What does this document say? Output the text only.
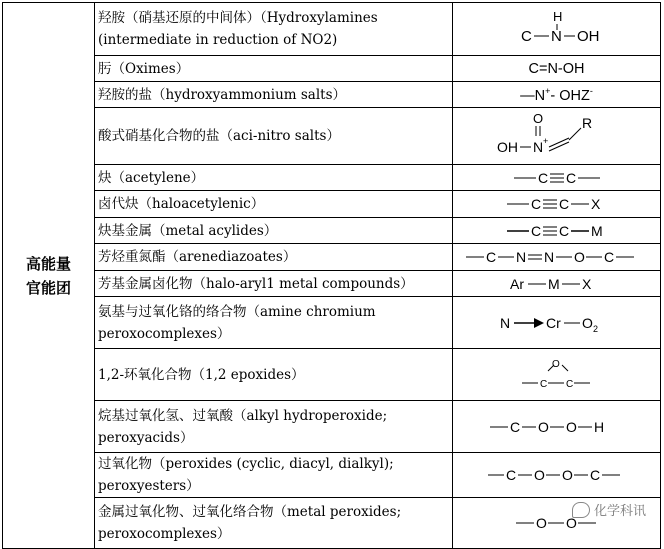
高能量
官能团	羟胺（硝基还原的中间体）（Hydroxylamines (intermediate in reduction of NO2)	C N
H
OH

	肟（Oximes）	C=N-OH
	羟胺的盐（hydroxyammonium salts）	—N+- OHZ-
	酸式硝基化合物的盐（aci-nitro salts）	OH N +
O R

	炔（acetylene）	C C

	卤代炔（haloacetylenic）	C C X

	炔基金属（metal acylides）	C C M

	芳烃重氮酯（arenediazoates）	C N N O C

	芳基金属卤化物（halo-aryl1 metal compounds）	Ar M X

	氨基与过氧化铬的络合物（amine chromium peroxocomplexes）	N Cr O 2

	1,2-环氧化合物（1,2 epoxides）	O
C C

	烷基过氧化氢、过氧酸（alkyl hydroperoxide; peroxyacids）	C O O H

	过氧化物（peroxides (cyclic, diacyl, dialkyl); peroxyesters）	C O O C

	金属过氧化物、过氧化络合物（metal peroxides; peroxocomplexes）	O O
化学科讯
